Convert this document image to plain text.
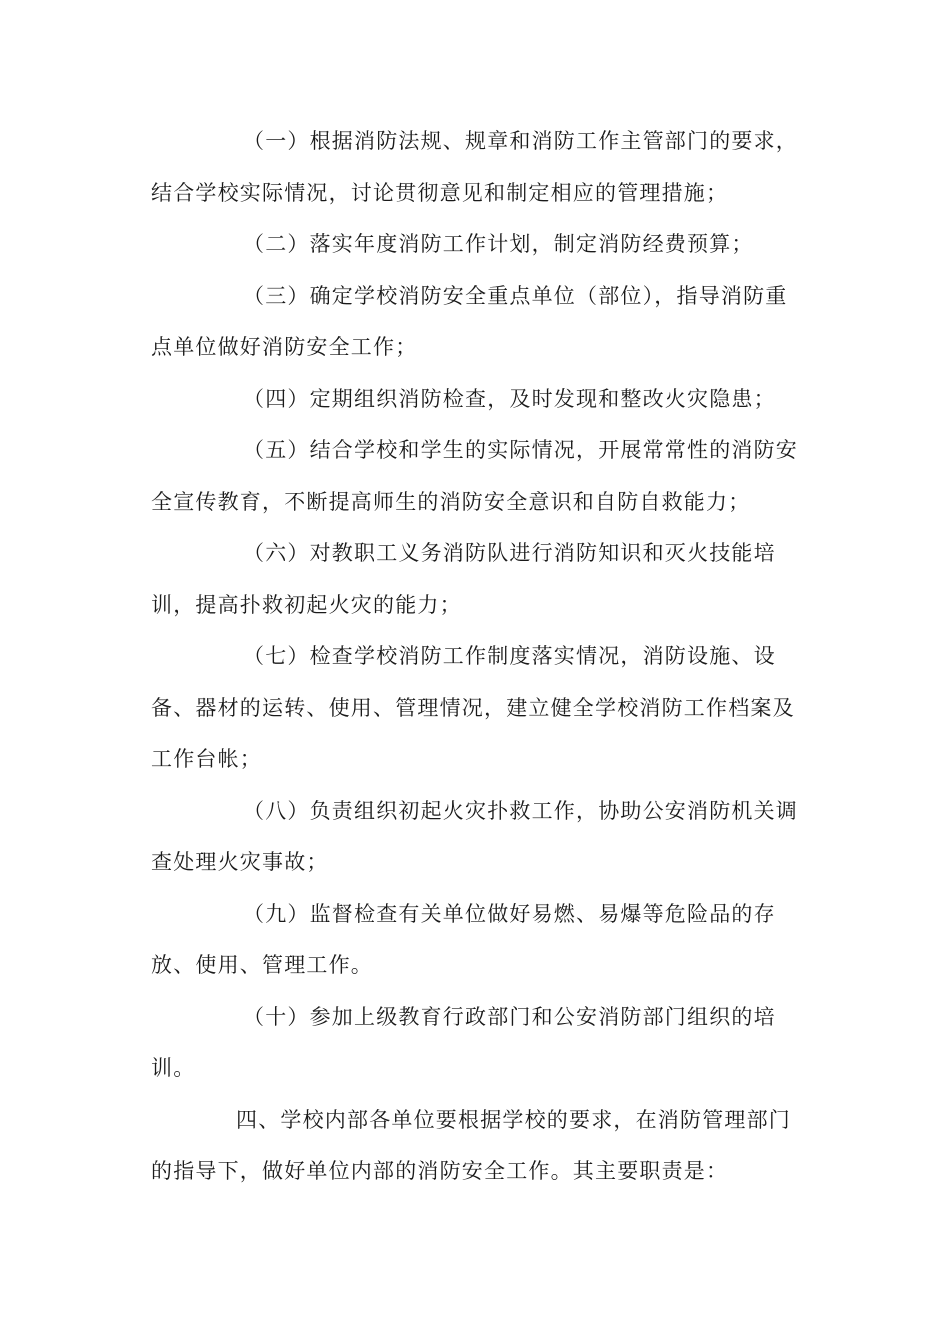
（一）根据消防法规、规章和消防工作主管部门的要求，
结合学校实际情况，讨论贯彻意见和制定相应的管理措施；

（二）落实年度消防工作计划，制定消防经费预算；

（三）确定学校消防安全重点单位（部位），指导消防重
点单位做好消防安全工作；

（四）定期组织消防检查，及时发现和整改火灾隐患；

（五）结合学校和学生的实际情况，开展常常性的消防安
全宣传教育，不断提高师生的消防安全意识和自防自救能力；

（六）对教职工义务消防队进行消防知识和灭火技能培
训，提高扑救初起火灾的能力；

（七）检查学校消防工作制度落实情况，消防设施、设
备、器材的运转、使用、管理情况，建立健全学校消防工作档案及
工作台帐；

（八）负责组织初起火灾扑救工作，协助公安消防机关调
查处理火灾事故；

（九）监督检查有关单位做好易燃、易爆等危险品的存
放、使用、管理工作。

（十）参加上级教育行政部门和公安消防部门组织的培
训。

四、学校内部各单位要根据学校的要求，在消防管理部门
的指导下，做好单位内部的消防安全工作。其主要职责是：
